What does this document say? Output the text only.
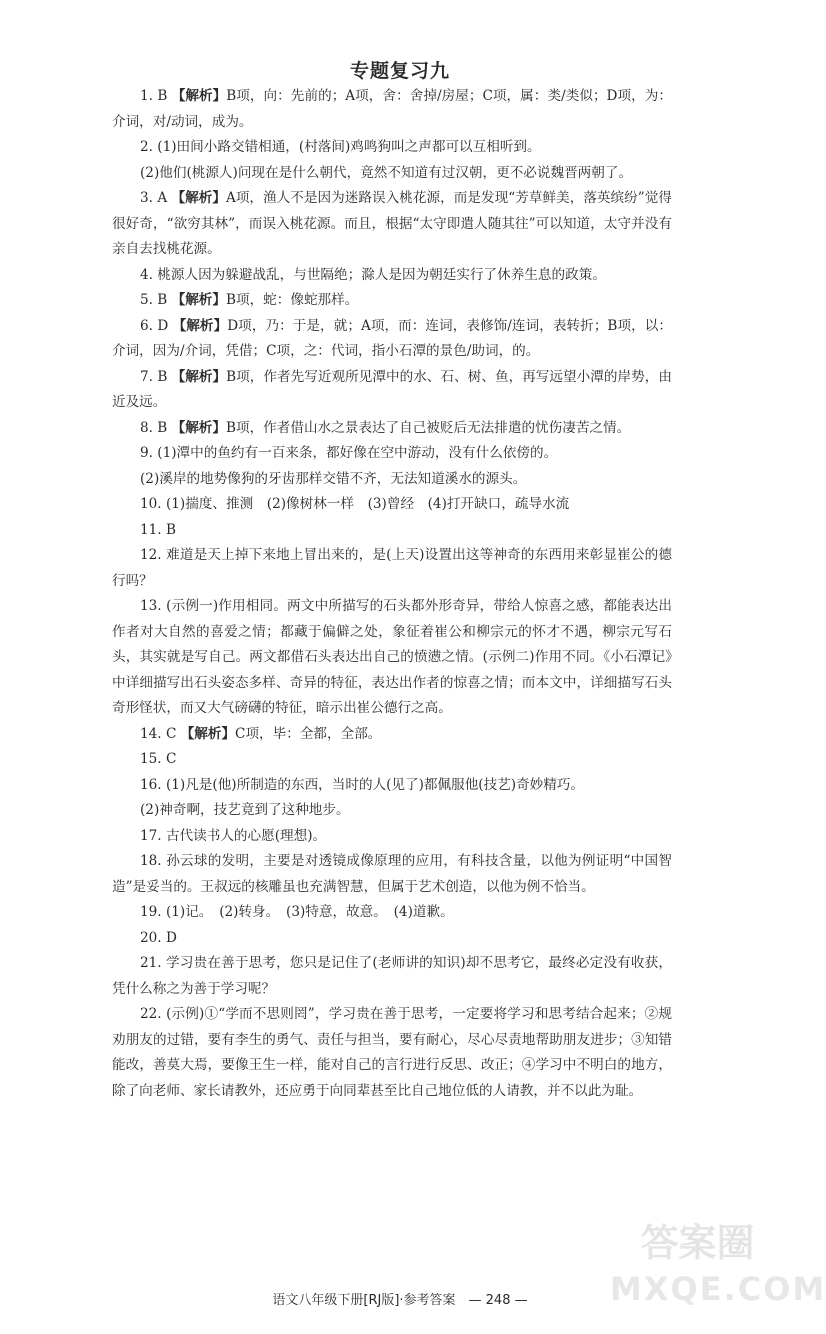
专题复习九

1. B 【解析】B项，向：先前的；A项，舍：舍掉/房屋；C项，属：类/类似；D项，为：介词，对/动词，成为。

2. (1)田间小路交错相通，(村落间)鸡鸣狗叫之声都可以互相听到。

(2)他们(桃源人)问现在是什么朝代，竟然不知道有过汉朝，更不必说魏晋两朝了。

3. A 【解析】A项，渔人不是因为迷路误入桃花源，而是发现“芳草鲜美，落英缤纷”觉得很好奇，“欲穷其林”，而误入桃花源。而且，根据“太守即遣人随其往”可以知道，太守并没有亲自去找桃花源。

4. 桃源人因为躲避战乱，与世隔绝；滁人是因为朝廷实行了休养生息的政策。

5. B 【解析】B项，蛇：像蛇那样。

6. D 【解析】D项，乃：于是，就；A项，而：连词，表修饰/连词，表转折；B项，以：介词，因为/介词，凭借；C项，之：代词，指小石潭的景色/助词，的。

7. B 【解析】B项，作者先写近观所见潭中的水、石、树、鱼，再写远望小潭的岸势，由近及远。

8. B 【解析】B项，作者借山水之景表达了自己被贬后无法排遣的忧伤凄苦之情。

9. (1)潭中的鱼约有一百来条，都好像在空中游动，没有什么依傍的。

(2)溪岸的地势像狗的牙齿那样交错不齐，无法知道溪水的源头。

10. (1)揣度、推测　(2)像树林一样　(3)曾经　(4)打开缺口，疏导水流

11. B

12. 难道是天上掉下来地上冒出来的，是(上天)设置出这等神奇的东西用来彰显崔公的德行吗？

13. (示例一)作用相同。两文中所描写的石头都外形奇异，带给人惊喜之感，都能表达出作者对大自然的喜爱之情；都藏于偏僻之处，象征着崔公和柳宗元的怀才不遇，柳宗元写石头，其实就是写自己。两文都借石头表达出自己的愤懑之情。(示例二)作用不同。《小石潭记》中详细描写出石头姿态多样、奇异的特征，表达出作者的惊喜之情；而本文中，详细描写石头奇形怪状，而又大气磅礴的特征，暗示出崔公德行之高。

14. C 【解析】C项，毕：全都，全部。

15. C

16. (1)凡是(他)所制造的东西，当时的人(见了)都佩服他(技艺)奇妙精巧。

(2)神奇啊，技艺竟到了这种地步。

17. 古代读书人的心愿(理想)。

18. 孙云球的发明，主要是对透镜成像原理的应用，有科技含量，以他为例证明“中国智造”是妥当的。王叔远的核雕虽也充满智慧，但属于艺术创造，以他为例不恰当。

19. (1)记。　(2)转身。　(3)特意，故意。　(4)道歉。

20. D

21. 学习贵在善于思考，您只是记住了(老师讲的知识)却不思考它，最终必定没有收获，凭什么称之为善于学习呢？

22. (示例)①“学而不思则罔”，学习贵在善于思考，一定要将学习和思考结合起来；②规劝朋友的过错，要有李生的勇气、责任与担当，要有耐心，尽心尽责地帮助朋友进步；③知错能改，善莫大焉，要像王生一样，能对自己的言行进行反思、改正；④学习中不明白的地方，除了向老师、家长请教外，还应勇于向同辈甚至比自己地位低的人请教，并不以此为耻。

语文八年级下册[RJ版]·参考答案　— 248 —
答案圈
MXQE.COM
